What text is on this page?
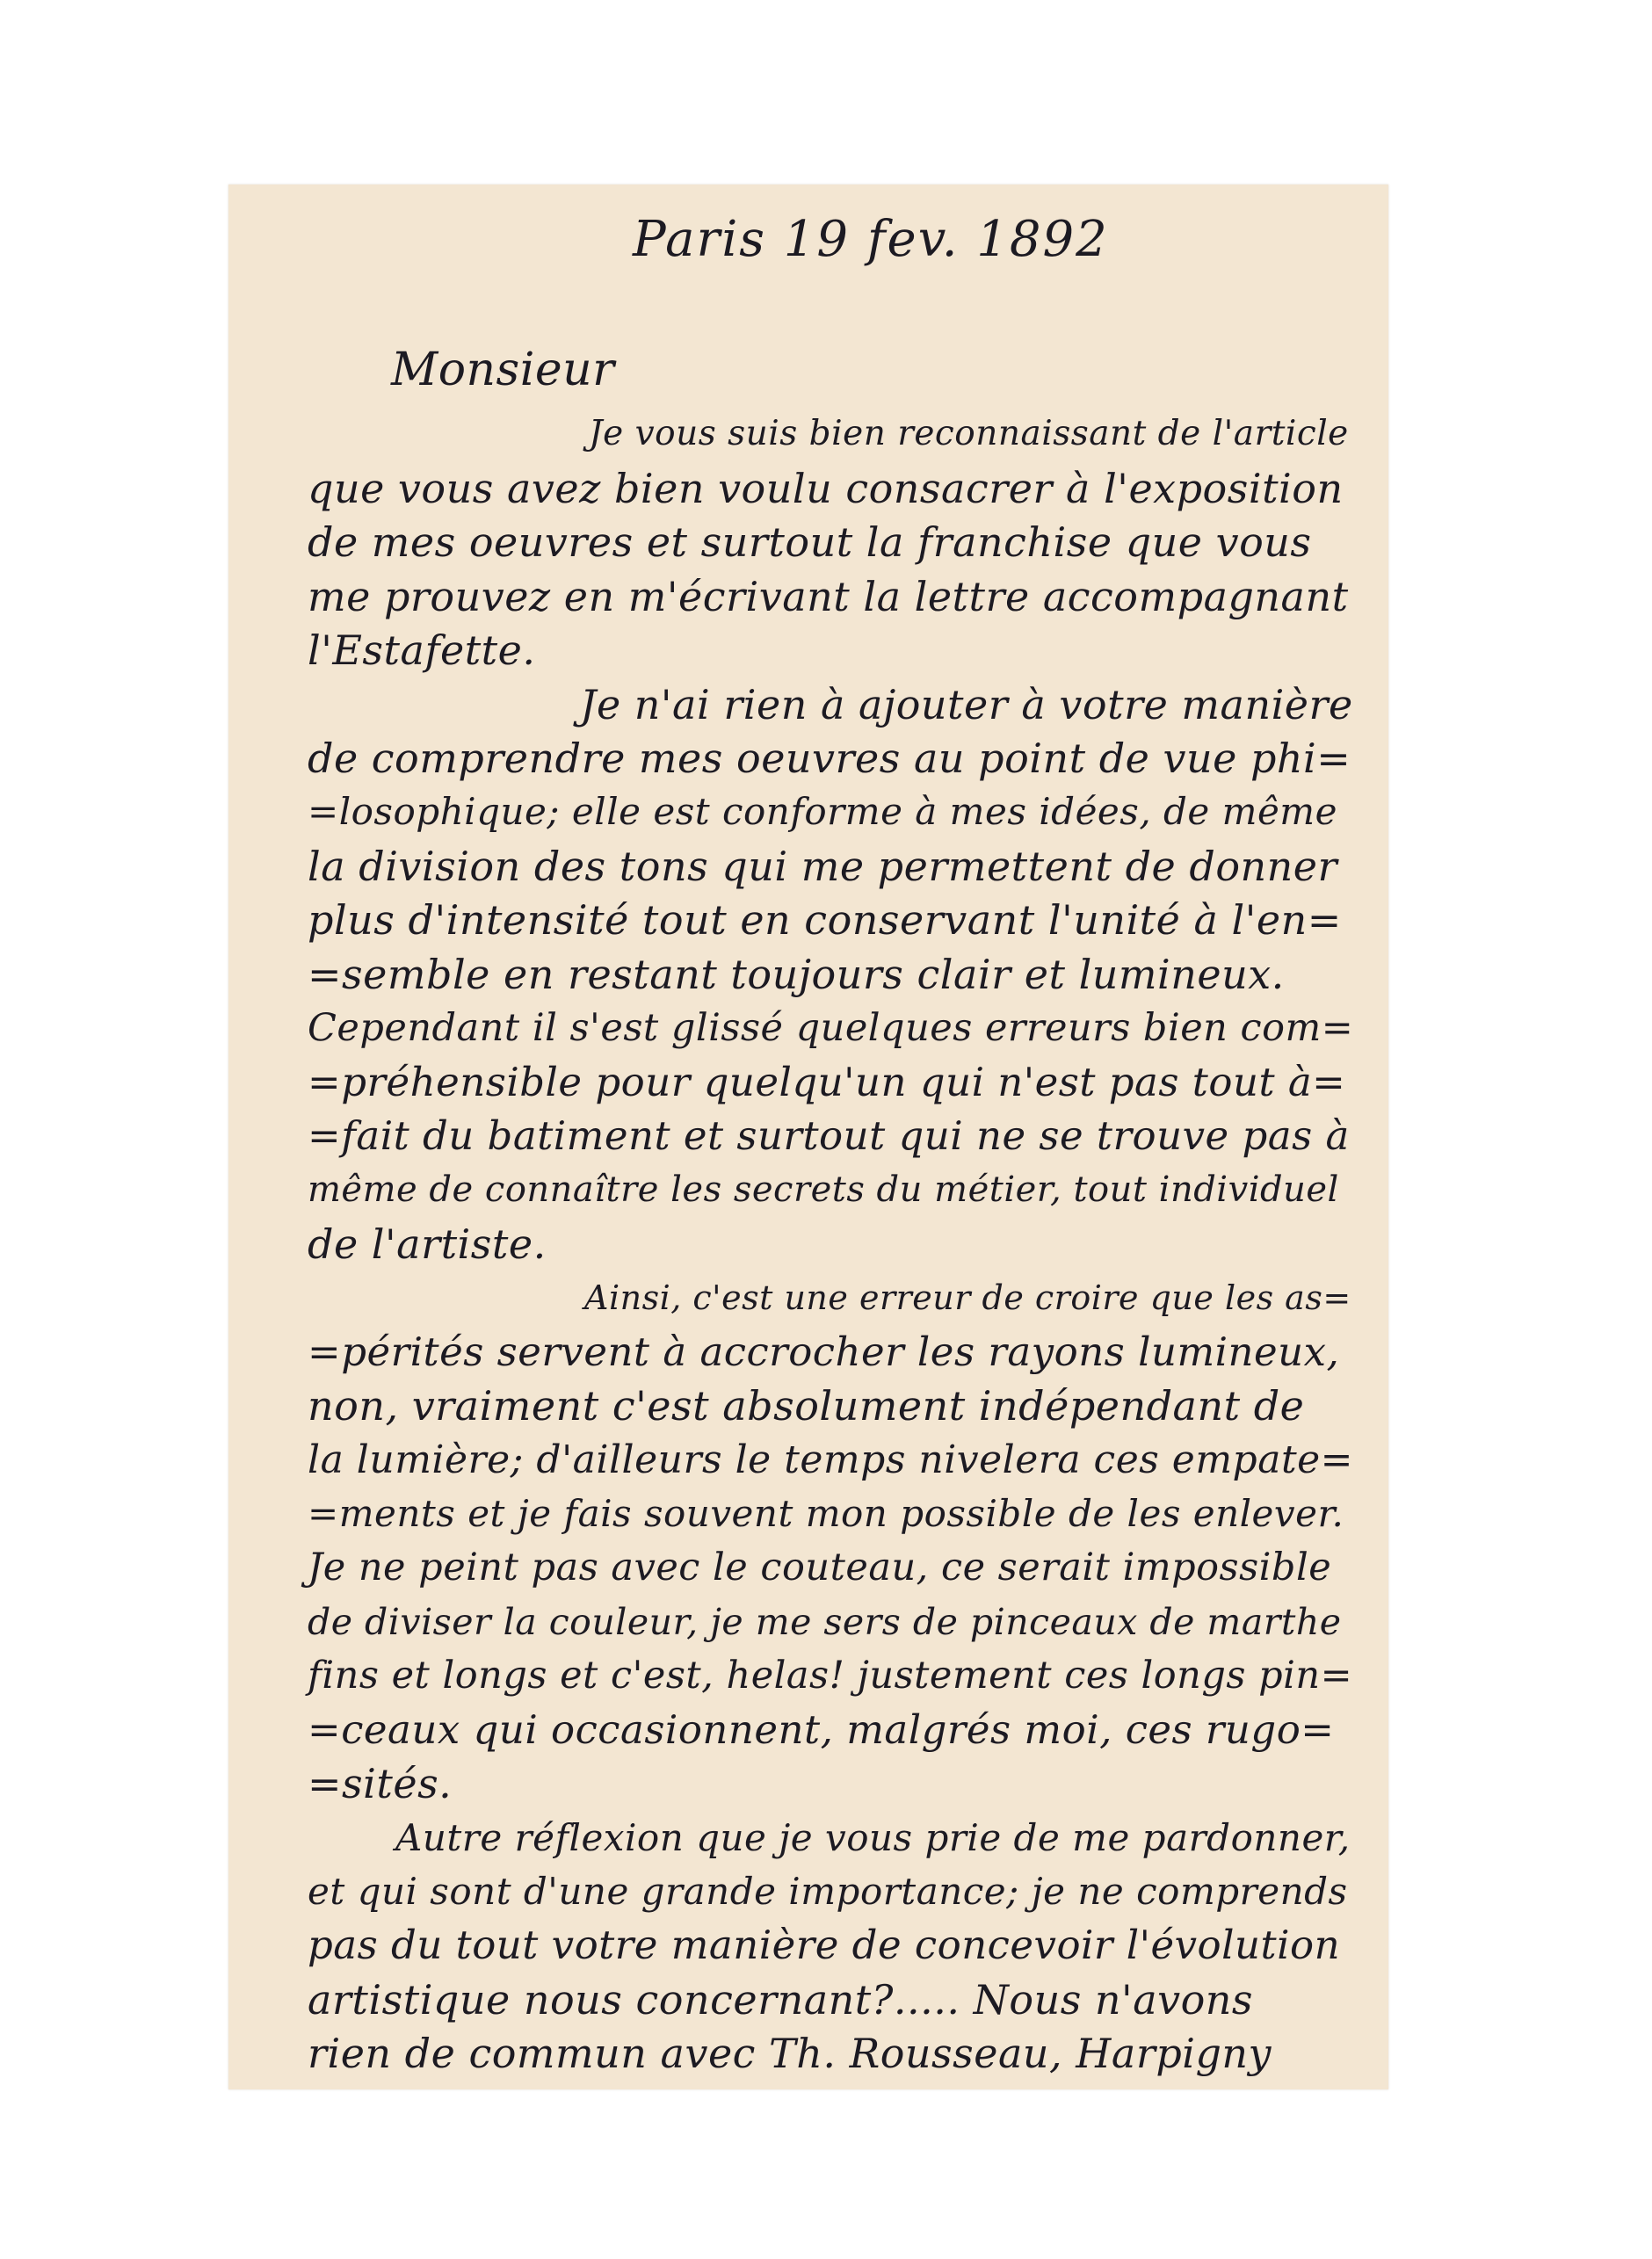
Paris 19 fev. 1892
Monsieur
Je vous suis bien reconnaissant de l'article
que vous avez bien voulu consacrer à l'exposition
de mes oeuvres et surtout la franchise que vous
me prouvez en m'écrivant la lettre accompagnant
l'Estafette.
Je n'ai rien à ajouter à votre manière
de comprendre mes oeuvres au point de vue phi=
=losophique; elle est conforme à mes idées, de même
la division des tons qui me permettent de donner
plus d'intensité tout en conservant l'unité à l'en=
=semble en restant toujours clair et lumineux.
Cependant il s'est glissé quelques erreurs bien com=
=préhensible pour quelqu'un qui n'est pas tout à=
=fait du batiment et surtout qui ne se trouve pas à
même de connaître les secrets du métier, tout individuel
de l'artiste.
Ainsi, c'est une erreur de croire que les as=
=pérités servent à accrocher les rayons lumineux,
non, vraiment c'est absolument indépendant de
la lumière; d'ailleurs le temps nivelera ces empate=
=ments et je fais souvent mon possible de les enlever.
Je ne peint pas avec le couteau, ce serait impossible
de diviser la couleur, je me sers de pinceaux de marthe
fins et longs et c'est, helas! justement ces longs pin=
=ceaux qui occasionnent, malgrés moi, ces rugo=
=sités.
Autre réflexion que je vous prie de me pardonner,
et qui sont d'une grande importance; je ne comprends
pas du tout votre manière de concevoir l'évolution
artistique nous concernant?..... Nous n'avons
rien de commun avec Th. Rousseau, Harpigny
